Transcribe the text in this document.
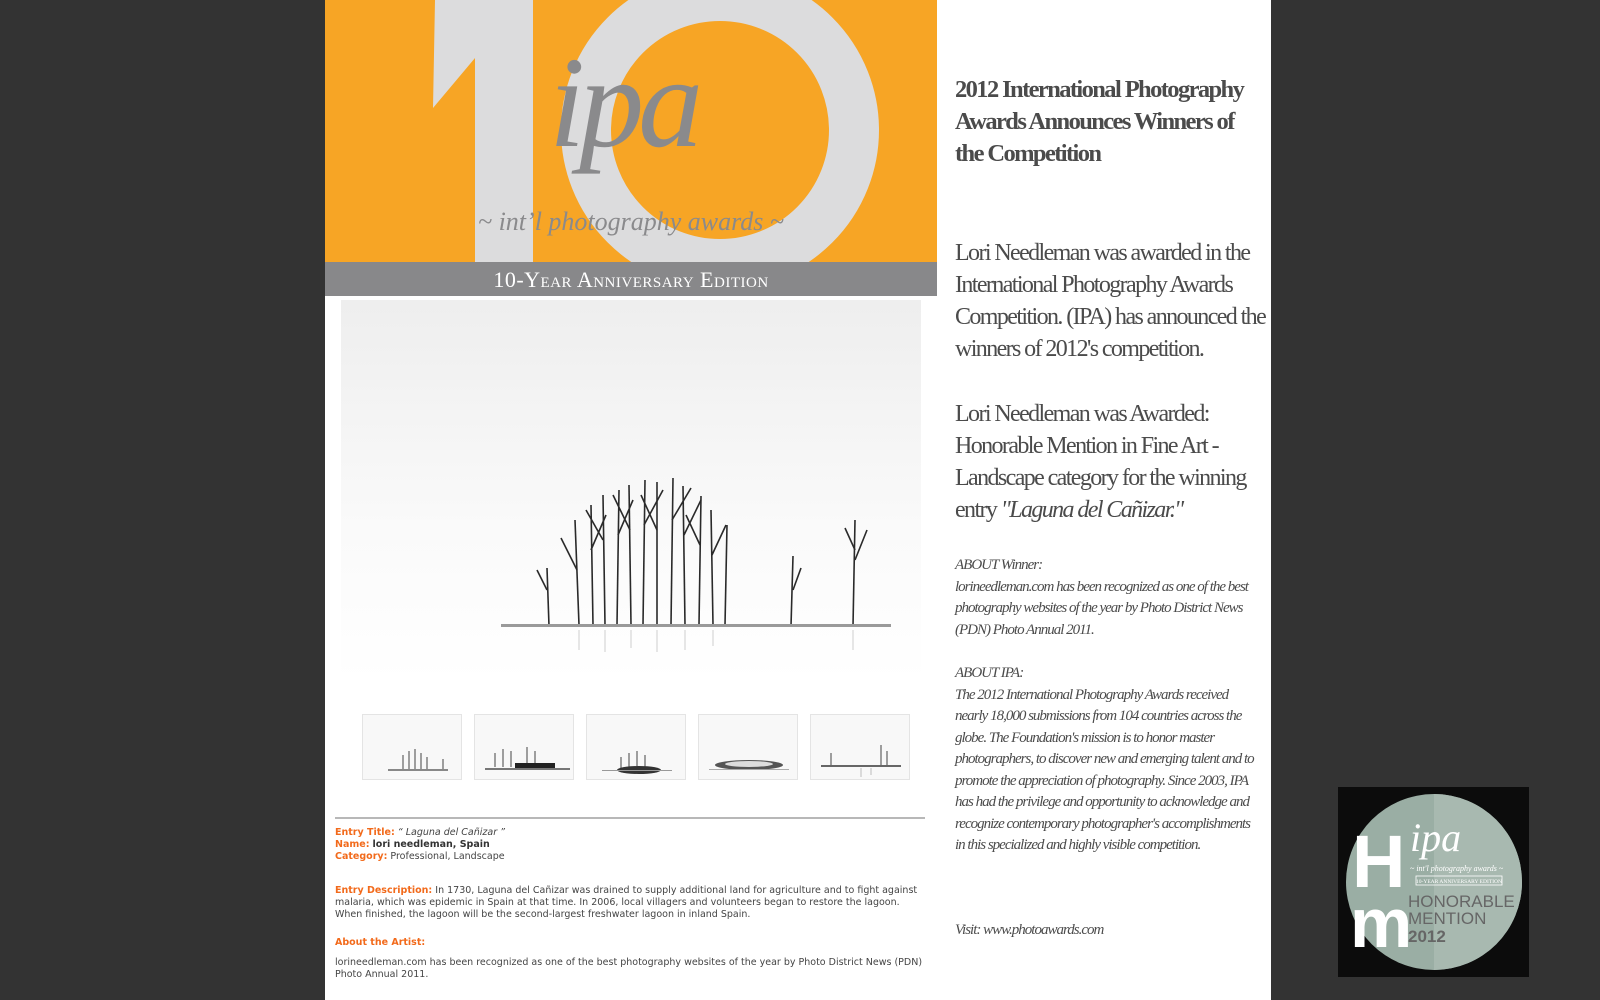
ipa
~ int’l photography awards ~
10-Year Anniversary Edition
Entry Title: “ Laguna del Cañizar ”
Name: lori needleman, Spain
Category: Professional, Landscape
Entry Description: In 1730, Laguna del Cañizar was drained to supply additional land for agriculture and to fight against malaria, which was epidemic in Spain at that time. In 2006, local villagers and volunteers began to restore the lagoon. When finished, the lagoon will be the second-largest freshwater lagoon in inland Spain.
About the Artist:
lorineedleman.com has been recognized as one of the best photography websites of the year by Photo District News (PDN) Photo Annual 2011.
2012 International Photography Awards Announces Winners of the Competition

Lori Needleman was awarded in the International Photography Awards Competition. (IPA) has announced the winners of 2012's competition.

Lori Needleman was Awarded: Honorable Mention in Fine Art - Landscape category for the winning entry "Laguna del Cañizar."

ABOUT Winner:
lorineedleman.com has been recognized as one of the best photography websites of the year by Photo District News (PDN) Photo Annual 2011.
ABOUT IPA:
The 2012 International Photography Awards received nearly 18,000 submissions from 104 countries across the globe. The Foundation's mission is to honor master photographers, to discover new and emerging talent and to promote the appreciation of photography. Since 2003, IPA has had the privilege and opportunity to acknowledge and recognize contemporary photographer's accomplishments in this specialized and highly visible competition.
Visit: www.photoawards.com
H
m
ipa
~ int'l photography awards ~
10-YEAR ANNIVERSARY EDITION
HONORABLE
MENTION
2012
